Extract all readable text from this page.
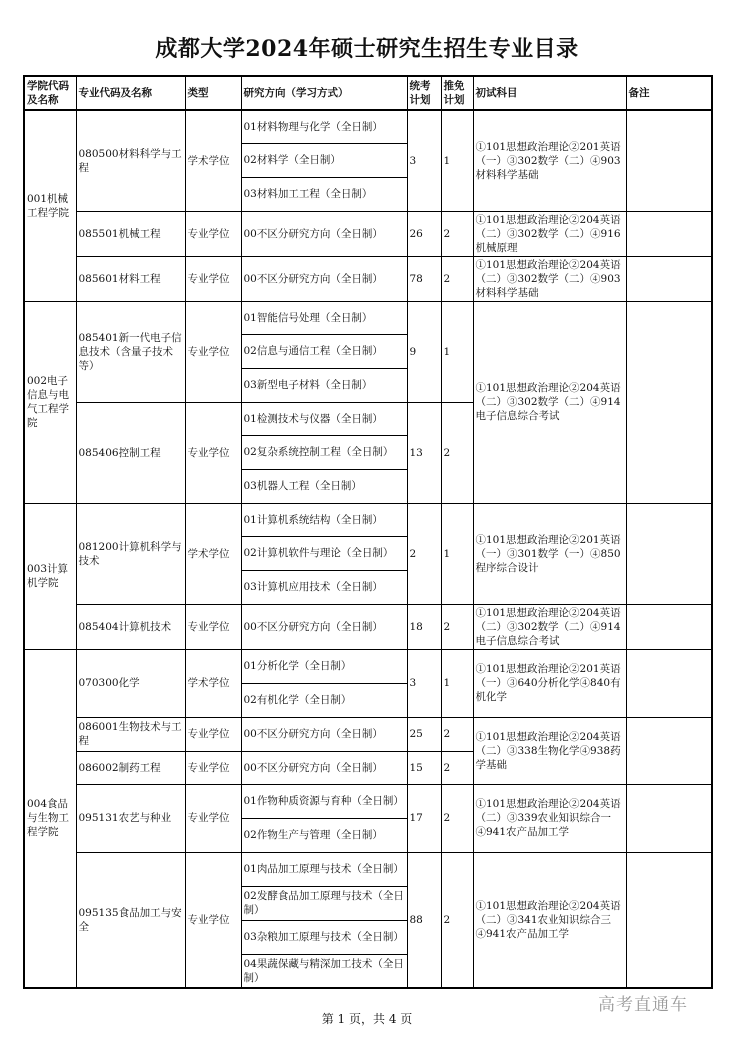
成都大学2024年硕士研究生招生专业目录
学院代码及名称	专业代码及名称	类型	研究方向（学习方式）	统考计划	推免计划	初试科目	备注
001机械工程学院	080500材料科学与工程	学术学位	01材料物理与化学（全日制）	3	1	①101思想政治理论②201英语（一）③302数学（二）④903材料科学基础	
			02材料学（全日制）				
			03材料加工工程（全日制）				
	085501机械工程	专业学位	00不区分研究方向（全日制）	26	2	①101思想政治理论②204英语（二）③302数学（二）④916机械原理	
	085601材料工程	专业学位	00不区分研究方向（全日制）	78	2	①101思想政治理论②204英语（二）③302数学（二）④903材料科学基础	
002电子信息与电气工程学院	085401新一代电子信息技术（含量子技术等）	专业学位	01智能信号处理（全日制）	9	1	①101思想政治理论②204英语（二）③302数学（二）④914电子信息综合考试	
			02信息与通信工程（全日制）				
			03新型电子材料（全日制）				
	085406控制工程	专业学位	01检测技术与仪器（全日制）	13	2		
			02复杂系统控制工程（全日制）				
			03机器人工程（全日制）				
003计算机学院	081200计算机科学与技术	学术学位	01计算机系统结构（全日制）	2	1	①101思想政治理论②201英语（一）③301数学（一）④850程序综合设计	
			02计算机软件与理论（全日制）				
			03计算机应用技术（全日制）				
	085404计算机技术	专业学位	00不区分研究方向（全日制）	18	2	①101思想政治理论②204英语（二）③302数学（二）④914电子信息综合考试	
004食品与生物工程学院	070300化学	学术学位	01分析化学（全日制）	3	1	①101思想政治理论②201英语（一）③640分析化学④840有机化学	
			02有机化学（全日制）				
	086001生物技术与工程	专业学位	00不区分研究方向（全日制）	25	2	①101思想政治理论②204英语（二）③338生物化学④938药学基础	
	086002制药工程	专业学位	00不区分研究方向（全日制）	15	2		
	095131农艺与种业	专业学位	01作物种质资源与育种（全日制）	17	2	①101思想政治理论②204英语（二）③339农业知识综合一④941农产品加工学	
			02作物生产与管理（全日制）				
	095135食品加工与安全	专业学位	01肉品加工原理与技术（全日制）	88	2	①101思想政治理论②204英语（二）③341农业知识综合三④941农产品加工学	
			02发酵食品加工原理与技术（全日制）				
			03杂粮加工原理与技术（全日制）				
			04果蔬保藏与精深加工技术（全日制）				
高考直通车
第 1 页，共 4 页
